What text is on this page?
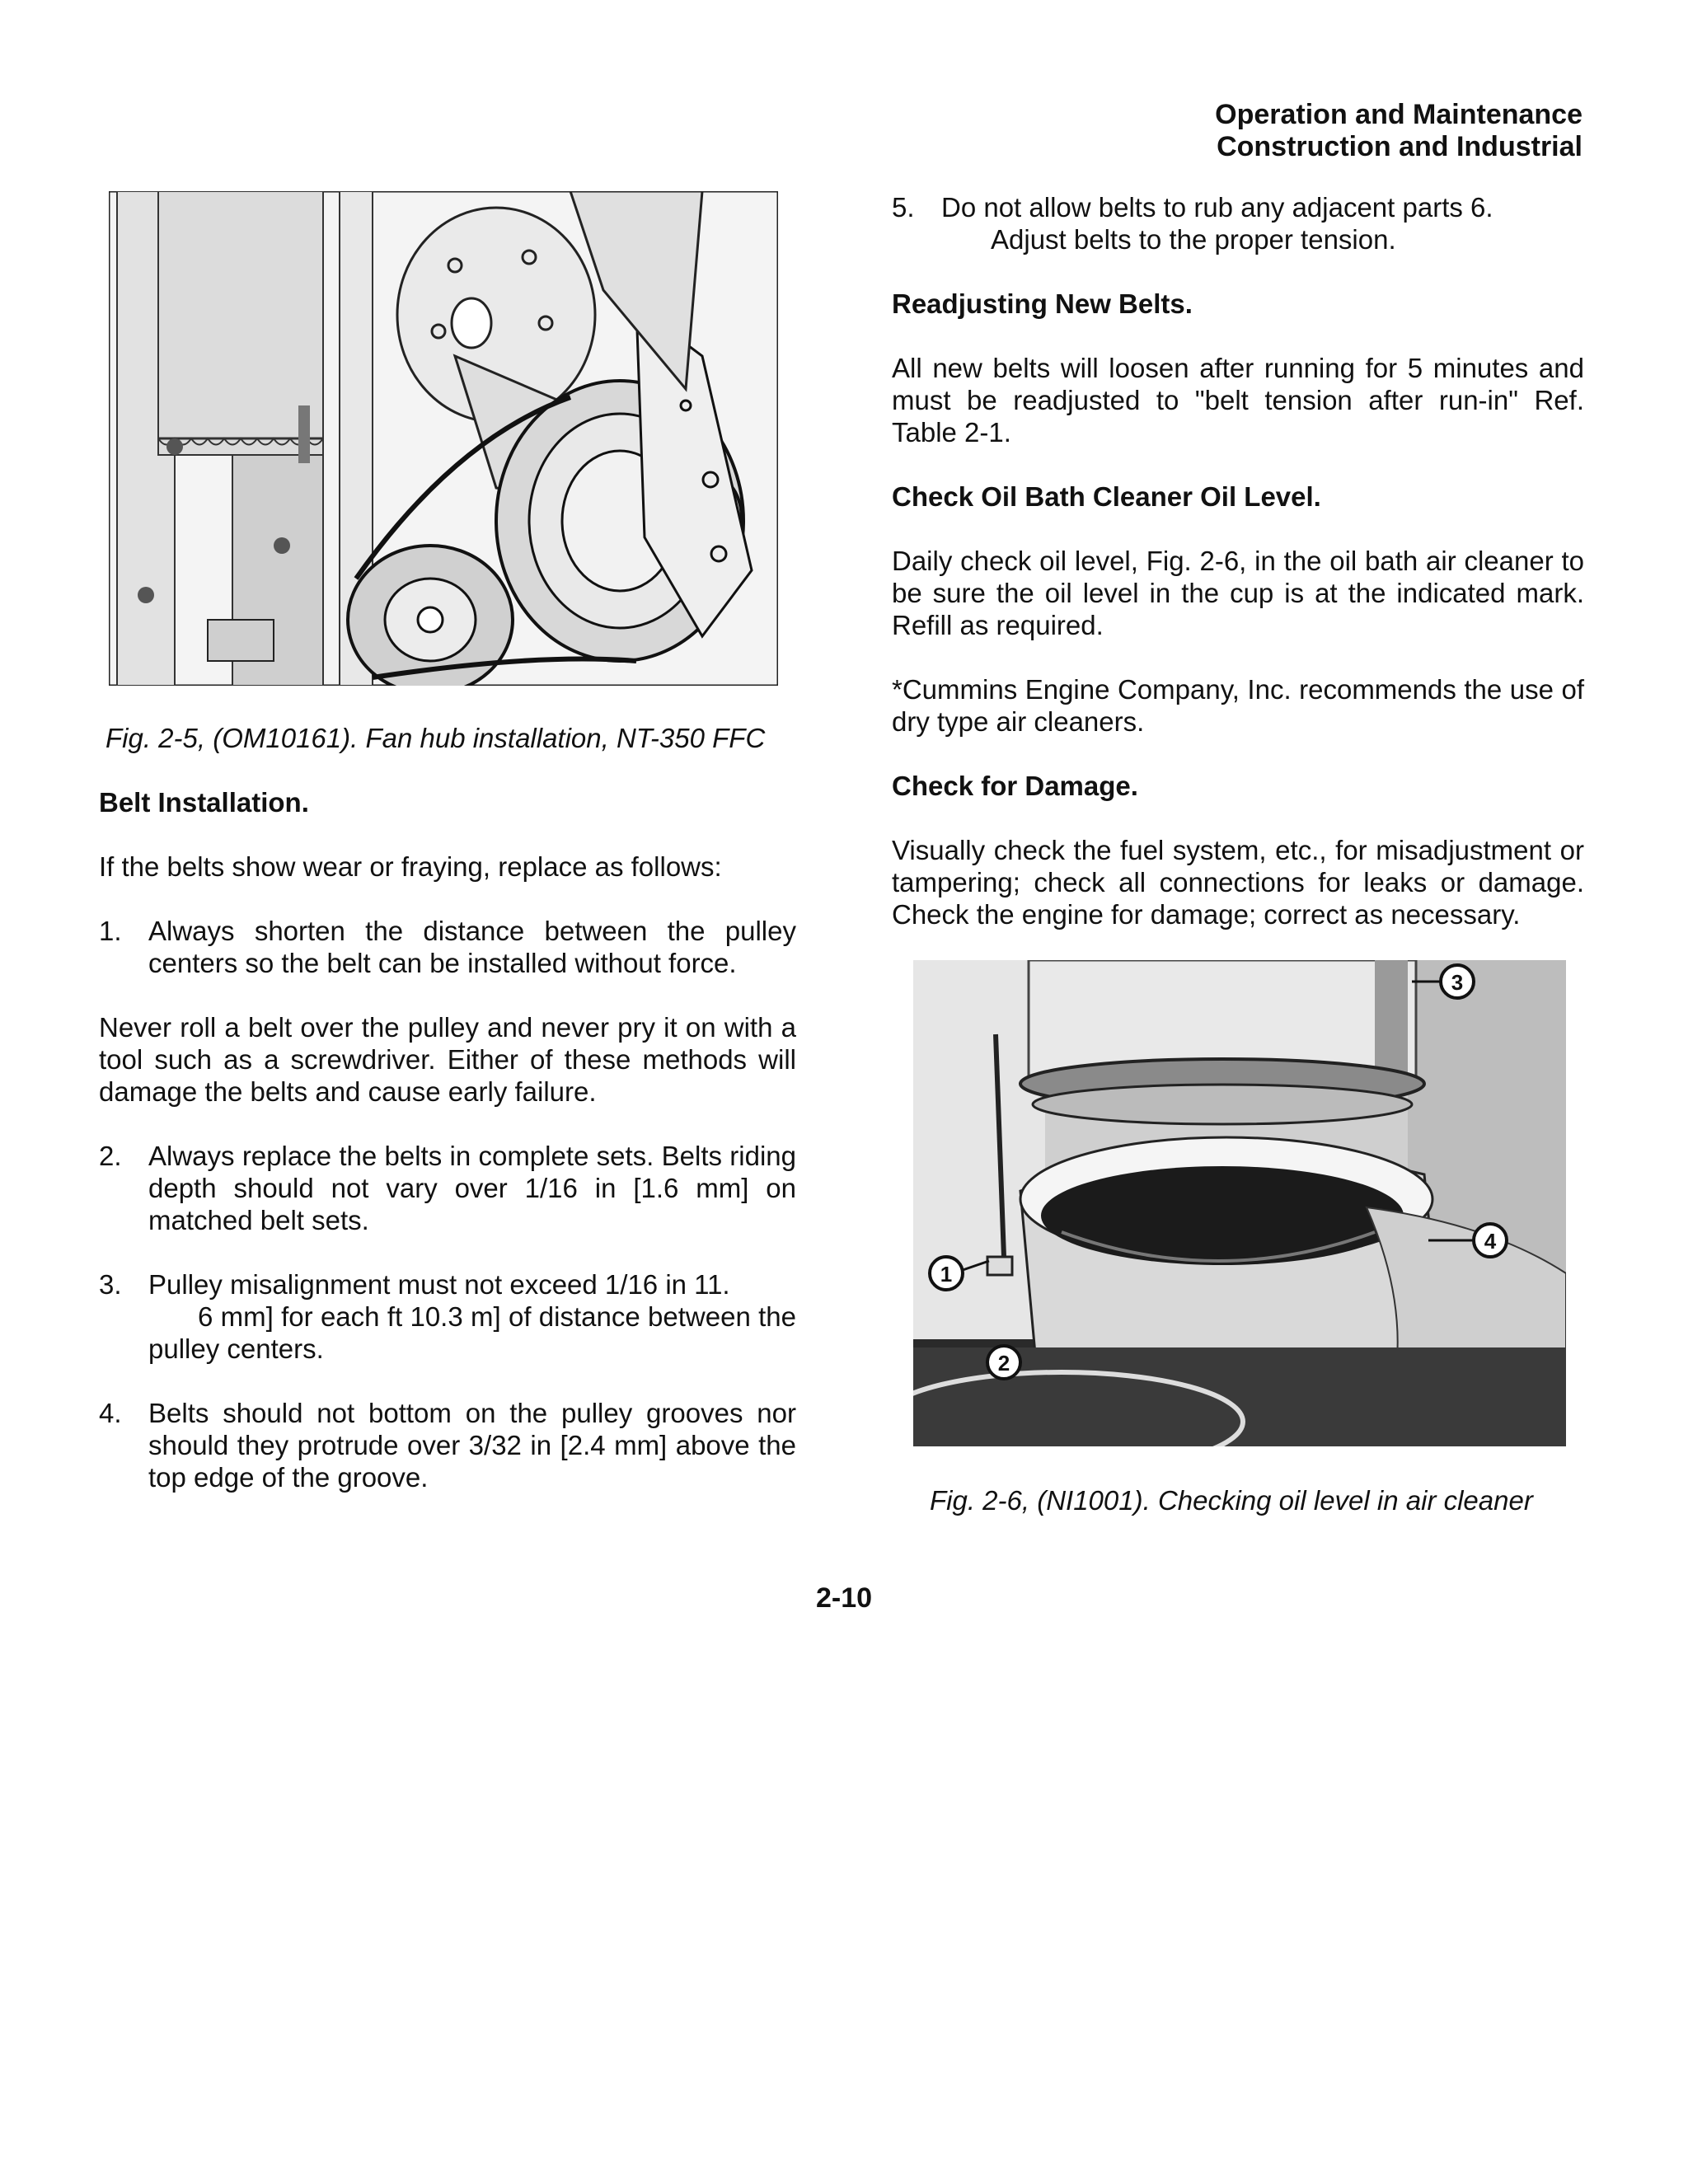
Operation and Maintenance
Construction and Industrial
Fig. 2-5, (OM10161). Fan hub installation, NT-350 FFC
Belt Installation.

If the belts show wear or fraying, replace as follows:

1. Always shorten the distance between the pulley centers so the belt can be installed without force.

Never roll a belt over the pulley and never pry it on with a tool such as a screwdriver. Either of these methods will damage the belts and cause early failure.

2. Always replace the belts in complete sets. Belts riding depth should not vary over 1/16 in [1.6 mm] on matched belt sets.
3. Pulley misalignment must not exceed 1/16 in 11.
6 mm] for each ft 10.3 m] of distance between the pulley centers.
4. Belts should not bottom on the pulley grooves nor should they protrude over 3/32 in [2.4 mm] above the top edge of the groove.
5. Do not allow belts to rub any adjacent parts 6.
Adjust belts to the proper tension.
Readjusting New Belts.

All new belts will loosen after running for 5 minutes and must be readjusted to "belt tension after run-in" Ref. Table 2-1.

Check Oil Bath Cleaner Oil Level.

Daily check oil level, Fig. 2-6, in the oil bath air cleaner to be sure the oil level in the cup is at the indicated mark. Refill as required.

*Cummins Engine Company, Inc. recommends the use of dry type air cleaners.

Check for Damage.

Visually check the fuel system, etc., for misadjustment or tampering; check all connections for leaks or damage. Check the engine for damage; correct as necessary.

1
2
3
4
Fig. 2-6, (NI1001). Checking oil level in air cleaner
2-10
